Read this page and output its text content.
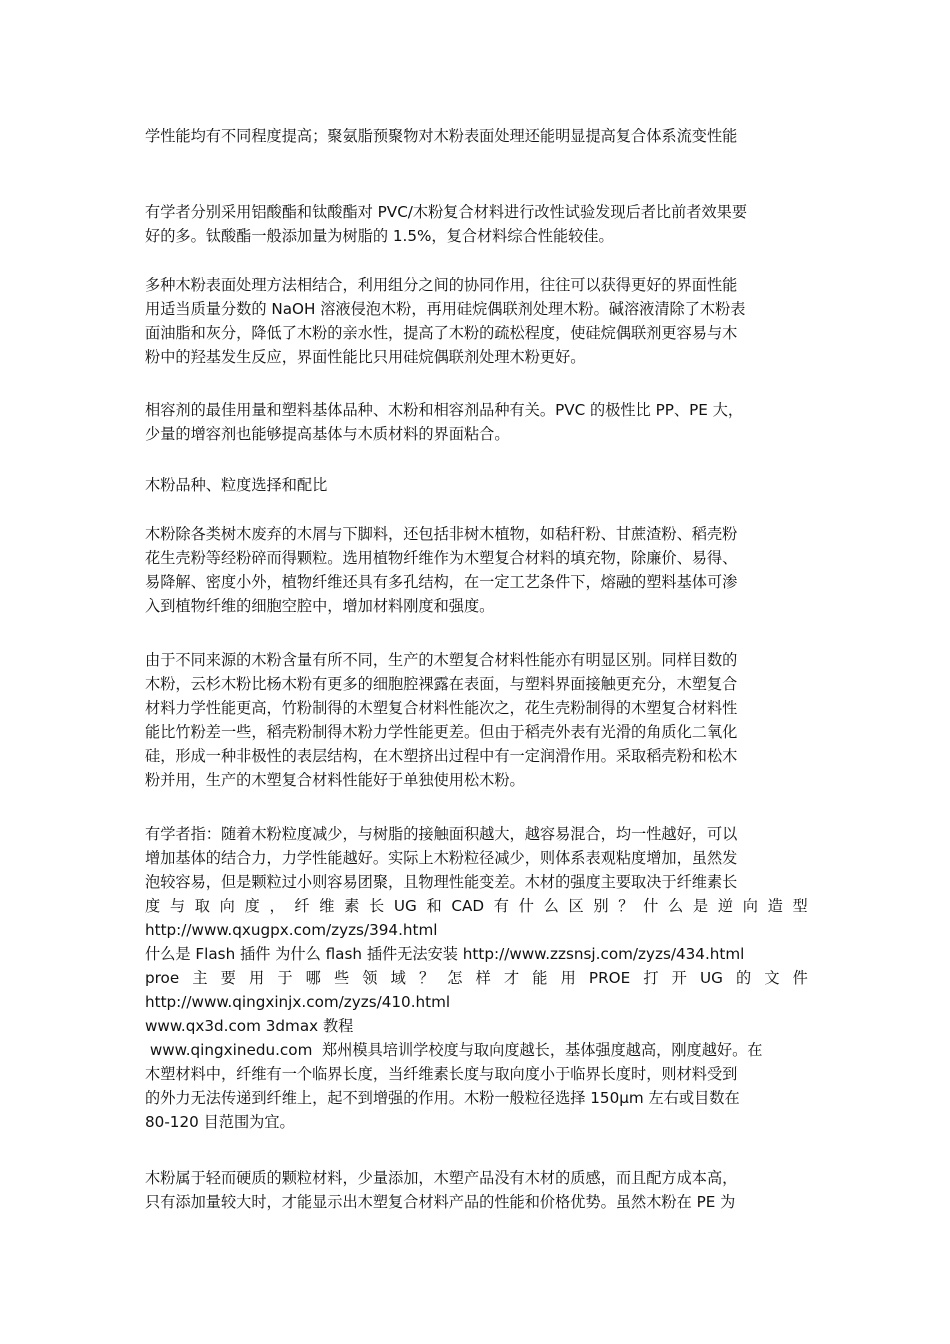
学性能均有不同程度提高；聚氨脂预聚物对木粉表面处理还能明显提高复合体系流变性能

有学者分别采用铝酸酯和钛酸酯对 PVC/木粉复合材料进行改性试验发现后者比前者效果要
好的多。钛酸酯一般添加量为树脂的 1.5%，复合材料综合性能较佳。

多种木粉表面处理方法相结合，利用组分之间的协同作用，往往可以获得更好的界面性能
用适当质量分数的 NaOH 溶液侵泡木粉，再用硅烷偶联剂处理木粉。碱溶液清除了木粉表
面油脂和灰分，降低了木粉的亲水性，提高了木粉的疏松程度，使硅烷偶联剂更容易与木
粉中的羟基发生反应，界面性能比只用硅烷偶联剂处理木粉更好。

相容剂的最佳用量和塑料基体品种、木粉和相容剂品种有关。PVC 的极性比 PP、PE 大，
少量的增容剂也能够提高基体与木质材料的界面粘合。

木粉品种、粒度选择和配比

木粉除各类树木废弃的木屑与下脚料，还包括非树木植物，如秸秆粉、甘蔗渣粉、稻壳粉
花生壳粉等经粉碎而得颗粒。选用植物纤维作为木塑复合材料的填充物，除廉价、易得、
易降解、密度小外，植物纤维还具有多孔结构，在一定工艺条件下，熔融的塑料基体可渗
入到植物纤维的细胞空腔中，增加材料刚度和强度。

由于不同来源的木粉含量有所不同，生产的木塑复合材料性能亦有明显区别。同样目数的
木粉，云杉木粉比杨木粉有更多的细胞腔裸露在表面，与塑料界面接触更充分，木塑复合
材料力学性能更高，竹粉制得的木塑复合材料性能次之，花生壳粉制得的木塑复合材料性
能比竹粉差一些，稻壳粉制得木粉力学性能更差。但由于稻壳外表有光滑的角质化二氧化
硅，形成一种非极性的表层结构，在木塑挤出过程中有一定润滑作用。采取稻壳粉和松木
粉并用，生产的木塑复合材料性能好于单独使用松木粉。

有学者指：随着木粉粒度减少，与树脂的接触面积越大，越容易混合，均一性越好，可以
增加基体的结合力，力学性能越好。实际上木粉粒径减少，则体系表观粘度增加，虽然发
泡较容易，但是颗粒过小则容易团聚，且物理性能变差。木材的强度主要取决于纤维素长
度 与 取 向 度 ， 纤 维 素 长 UG 和 CAD 有 什 么 区 别 ？ 什 么 是 逆 向 造 型
http://www.qxugpx.com/zyzs/394.html
什么是 Flash 插件 为什么 flash 插件无法安装 http://www.zzsnsj.com/zyzs/434.html
proe 主 要 用 于 哪 些 领 域 ？ 怎 样 才 能 用 PROE 打 开 UG 的 文 件
http://www.qingxinjx.com/zyzs/410.html
www.qx3d.com 3dmax 教程
www.qingxinedu.com  郑州模具培训学校度与取向度越长，基体强度越高，刚度越好。在
木塑材料中，纤维有一个临界长度，当纤维素长度与取向度小于临界长度时，则材料受到
的外力无法传递到纤维上，起不到增强的作用。木粉一般粒径选择 150μm 左右或目数在
80-120 目范围为宜。

木粉属于轻而硬质的颗粒材料，少量添加，木塑产品没有木材的质感，而且配方成本高，
只有添加量较大时，才能显示出木塑复合材料产品的性能和价格优势。虽然木粉在 PE 为
